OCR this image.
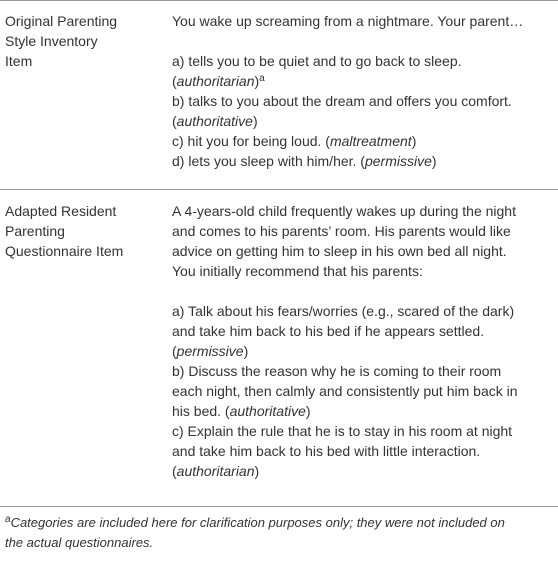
Original Parenting
Style Inventory
Item
You wake up screaming from a nightmare. Your parent…
a) tells you to be quiet and to go back to sleep.
(authoritarian)$^a$
b) talks to you about the dream and offers you comfort.
(authoritative)
c) hit you for being loud. (maltreatment)
d) lets you sleep with him/her. (permissive)
Adapted Resident
Parenting
Questionnaire Item
A 4-years-old child frequently wakes up during the night
and comes to his parents’ room. His parents would like
advice on getting him to sleep in his own bed all night.
You initially recommend that his parents:
a) Talk about his fears/worries (e.g., scared of the dark)
and take him back to his bed if he appears settled.
(permissive)
b) Discuss the reason why he is coming to their room
each night, then calmly and consistently put him back in
his bed. (authoritative)
c) Explain the rule that he is to stay in his room at night
and take him back to his bed with little interaction.
(authoritarian)
$^a$Categories are included here for clarification purposes only; they were not included on
the actual questionnaires.
